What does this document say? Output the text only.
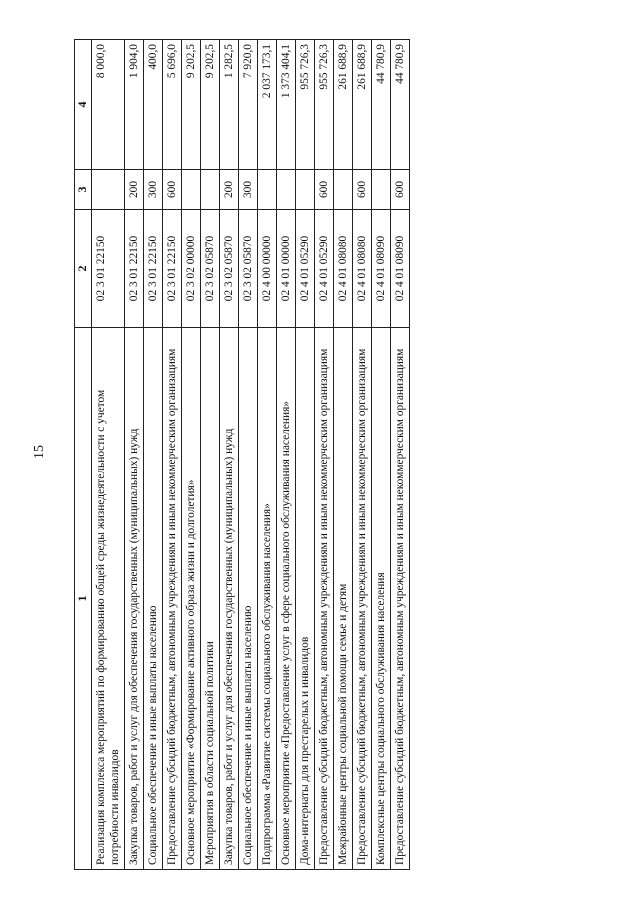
15
1	2	3	4
Реализация комплекса мероприятий по формированию общей среды жизнедеятельности с учетом потребности инвалидов	02 3 01 22150		8 000,0
Закупка товаров, работ и услуг для обеспечения государственных (муниципальных) нужд	02 3 01 22150	200	1 904,0
Социальное обеспечение и иные выплаты населению	02 3 01 22150	300	400,0
Предоставление субсидий бюджетным, автономным учреждениям и иным некоммерческим организациям	02 3 01 22150	600	5 696,0
Основное мероприятие «Формирование активного образа жизни и долголетия»	02 3 02 00000		9 202,5
Мероприятия в области социальной политики	02 3 02 05870		9 202,5
Закупка товаров, работ и услуг для обеспечения государственных (муниципальных) нужд	02 3 02 05870	200	1 282,5
Социальное обеспечение и иные выплаты населению	02 3 02 05870	300	7 920,0
Подпрограмма «Развитие системы социального обслуживания населения»	02 4 00 00000		2 037 173,1
Основное мероприятие «Предоставление услуг в сфере социального обслуживания населения»	02 4 01 00000		1 373 404,1
Дома-интернаты для престарелых и инвалидов	02 4 01 05290		955 726,3
Предоставление субсидий бюджетным, автономным учреждениям и иным некоммерческим организациям	02 4 01 05290	600	955 726,3
Межрайонные центры социальной помощи семье и детям	02 4 01 08080		261 688,9
Предоставление субсидий бюджетным, автономным учреждениям и иным некоммерческим организациям	02 4 01 08080	600	261 688,9
Комплексные центры социального обслуживания населения	02 4 01 08090		44 780,9
Предоставление субсидий бюджетным, автономным учреждениям и иным некоммерческим организациям	02 4 01 08090	600	44 780,9
